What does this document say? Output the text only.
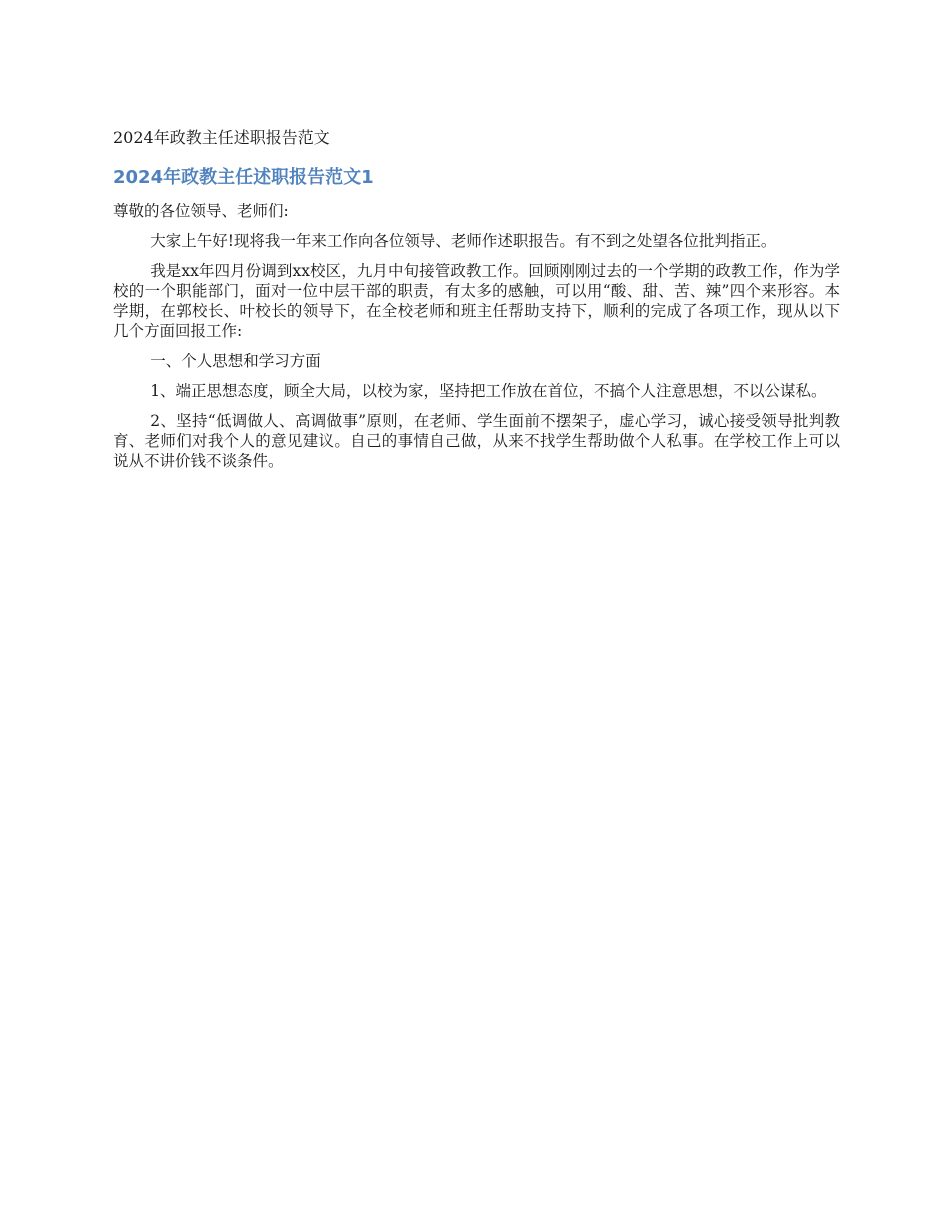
2024年政教主任述职报告范文
2024年政教主任述职报告范文1
尊敬的各位领导、老师们:

大家上午好!现将我一年来工作向各位领导、老师作述职报告。有不到之处望各位批判指正。

我是xx年四月份调到xx校区，九月中旬接管政教工作。回顾刚刚过去的一个学期的政教工作，作为学校的一个职能部门，面对一位中层干部的职责，有太多的感触，可以用“酸、甜、苦、辣”四个来形容。本学期，在郭校长、叶校长的领导下，在全校老师和班主任帮助支持下，顺利的完成了各项工作，现从以下几个方面回报工作:

一、个人思想和学习方面

1、端正思想态度，顾全大局，以校为家，坚持把工作放在首位，不搞个人注意思想，不以公谋私。

2、坚持“低调做人、高调做事”原则，在老师、学生面前不摆架子，虚心学习，诚心接受领导批判教育、老师们对我个人的意见建议。自己的事情自己做，从来不找学生帮助做个人私事。在学校工作上可以说从不讲价钱不谈条件。
